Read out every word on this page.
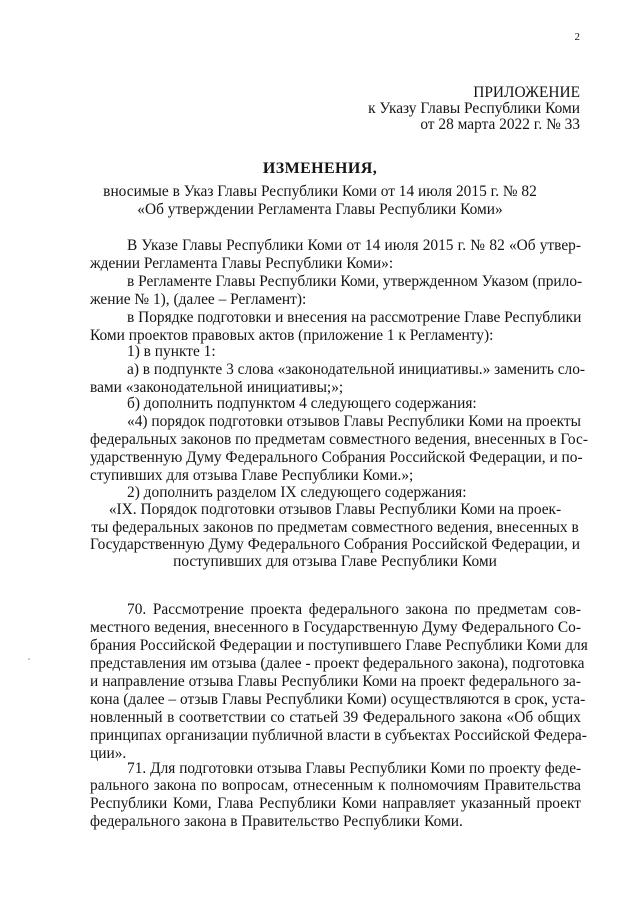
2
ПРИЛОЖЕНИЕ
к Указу Главы Республики Коми
от 28 марта 2022 г. № 33
ИЗМЕНЕНИЯ,
вносимые в Указ Главы Республики Коми от 14 июля 2015 г. № 82
«Об утверждении Регламента Главы Республики Коми»
В Указе Главы Республики Коми от 14 июля 2015 г. № 82 «Об утвер-
ждении Регламента Главы Республики Коми»:
в Регламенте Главы Республики Коми, утвержденном Указом (прило-
жение № 1), (далее – Регламент):
в Порядке подготовки и внесения на рассмотрение Главе Республики
Коми проектов правовых актов (приложение 1 к Регламенту):
1) в пункте 1:
а) в подпункте 3 слова «законодательной инициативы.» заменить сло-
вами «законодательной инициативы;»;
б) дополнить подпунктом 4 следующего содержания:
«4) порядок подготовки отзывов Главы Республики Коми на проекты
федеральных законов по предметам совместного ведения, внесенных в Гос-
ударственную Думу Федерального Собрания Российской Федерации, и по-
ступивших для отзыва Главе Республики Коми.»;
2) дополнить разделом IX следующего содержания:
«IX. Порядок подготовки отзывов Главы Республики Коми на проек-
ты федеральных законов по предметам совместного ведения, внесенных в
Государственную Думу Федерального Собрания Российской Федерации, и
поступивших для отзыва Главе Республики Коми
70. Рассмотрение проекта федерального закона по предметам сов-
местного ведения, внесенного в Государственную Думу Федерального Со-
брания Российской Федерации и поступившего Главе Республики Коми для
представления им отзыва (далее - проект федерального закона), подготовка
и направление отзыва Главы Республики Коми на проект федерального за-
кона (далее – отзыв Главы Республики Коми) осуществляются в срок, уста-
новленный в соответствии со статьей 39 Федерального закона «Об общих
принципах организации публичной власти в субъектах Российской Федера-
ции».
71. Для подготовки отзыва Главы Республики Коми по проекту феде-
рального закона по вопросам, отнесенным к полномочиям Правительства
Республики Коми, Глава Республики Коми направляет указанный проект
федерального закона в Правительство Республики Коми.
